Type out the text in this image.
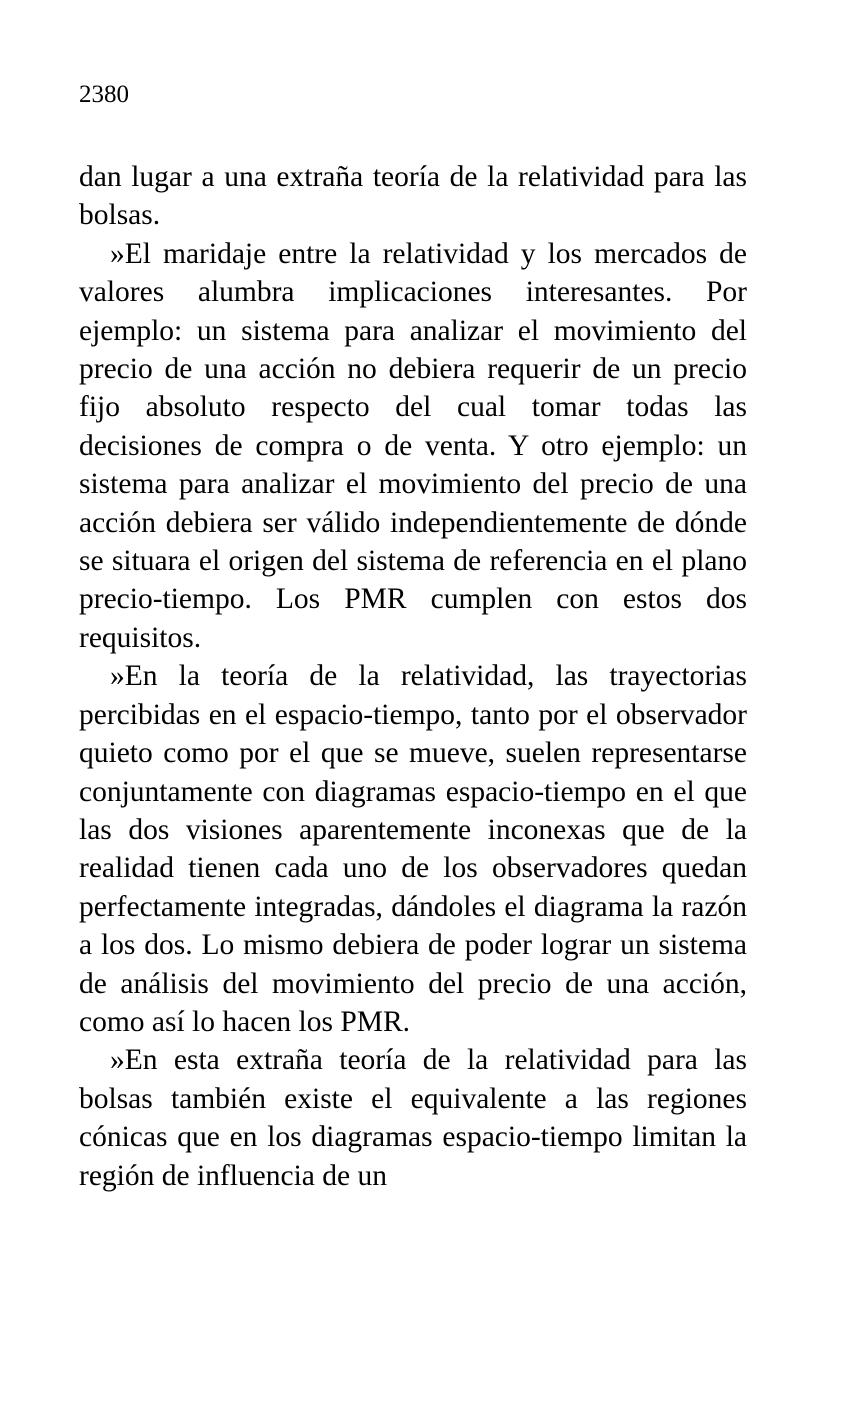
2380

dan lugar a una extraña teoría de la relatividad para las bolsas.

»El maridaje entre la relatividad y los mercados de valores alumbra implicaciones interesantes. Por ejemplo: un sistema para analizar el movimiento del precio de una acción no debiera requerir de un precio fijo absoluto respecto del cual tomar todas las decisiones de compra o de venta. Y otro ejemplo: un sistema para analizar el movimiento del precio de una acción debiera ser válido independientemente de dónde se situara el origen del sistema de referencia en el plano precio-tiempo. Los PMR cumplen con estos dos requisitos.

»En la teoría de la relatividad, las trayectorias percibidas en el espacio-tiempo, tanto por el observador quieto como por el que se mueve, suelen representarse conjuntamente con diagramas espacio-tiempo en el que las dos visiones aparentemente inconexas que de la realidad tienen cada uno de los observadores quedan perfectamente integradas, dándoles el diagrama la razón a los dos. Lo mismo debiera de poder lograr un sistema de análisis del movimiento del precio de una acción, como así lo hacen los PMR.

»En esta extraña teoría de la relatividad para las bolsas también existe el equivalente a las regiones cónicas que en los diagramas espacio-tiempo limitan la región de influencia de un
